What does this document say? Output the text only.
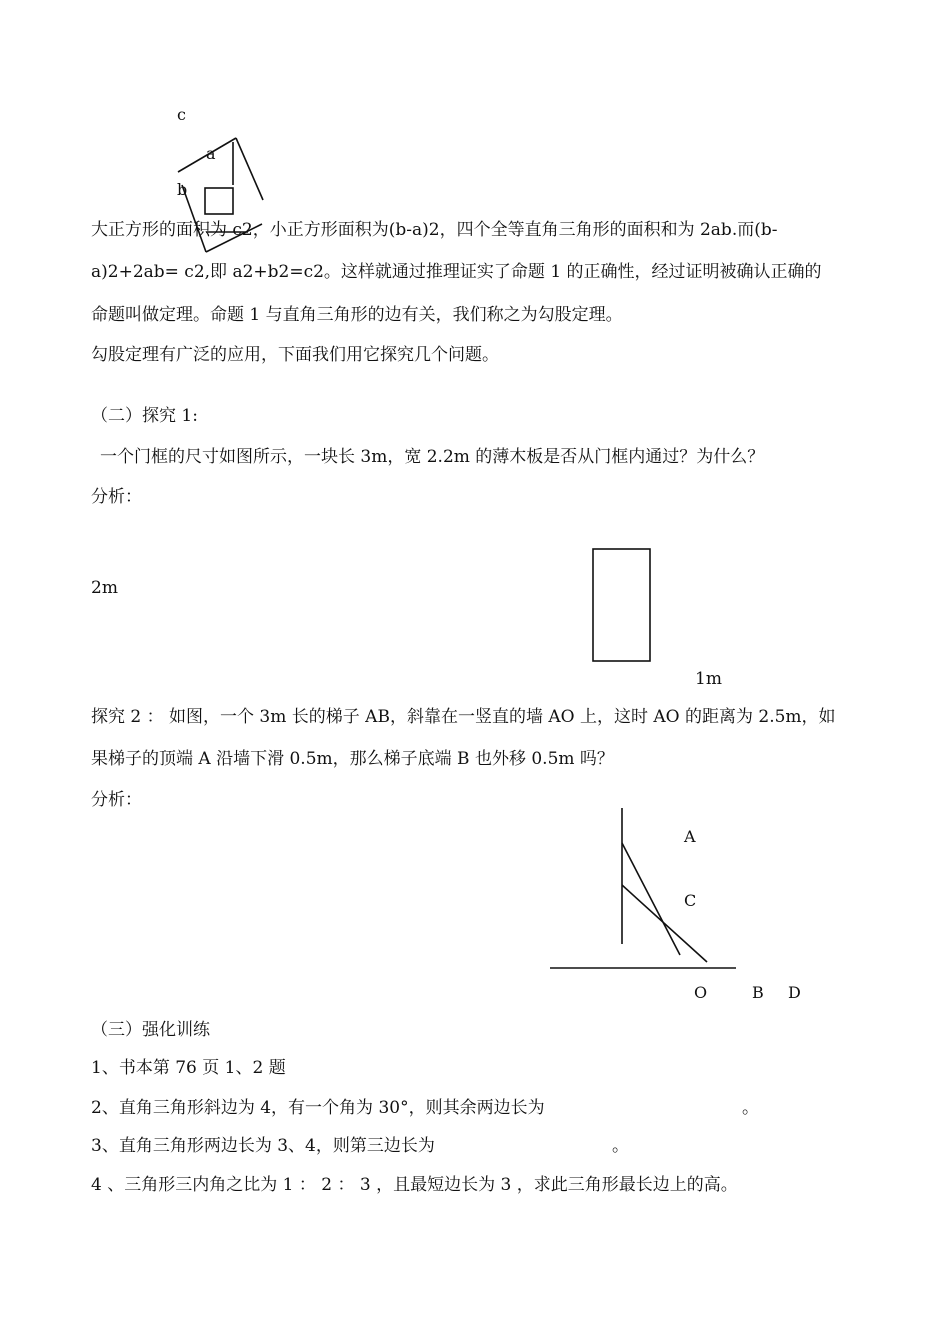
c
a
b
大正方形的面积为 c2，小正方形面积为(b-a)2，四个全等直角三角形的面积和为 2ab.而(b-
a)2+2ab= c2,即 a2+b2=c2。这样就通过推理证实了命题 1 的正确性，经过证明被确认正确的
命题叫做定理。命题 1 与直角三角形的边有关，我们称之为勾股定理。
勾股定理有广泛的应用，下面我们用它探究几个问题。
（二）探究 1:
一个门框的尺寸如图所示，一块长 3m，宽 2.2m 的薄木板是否从门框内通过？为什么？
分析：
2m
1m
探究 2 ： 如图，一个 3m 长的梯子 AB，斜靠在一竖直的墙 AO 上，这时 AO 的距离为 2.5m，如
果梯子的顶端 A 沿墙下滑 0.5m，那么梯子底端 B 也外移 0.5m 吗？
分析：
A
C
O	B D
（三）强化训练
1、书本第 76 页 1、2 题
2、直角三角形斜边为 4，有一个角为 30°，则其余两边长为	。
3、直角三角形两边长为 3、4，则第三边长为	。
4 、三角形三内角之比为 1 ： 2 ： 3 ，且最短边长为 3 ，求此三角形最长边上的高。
